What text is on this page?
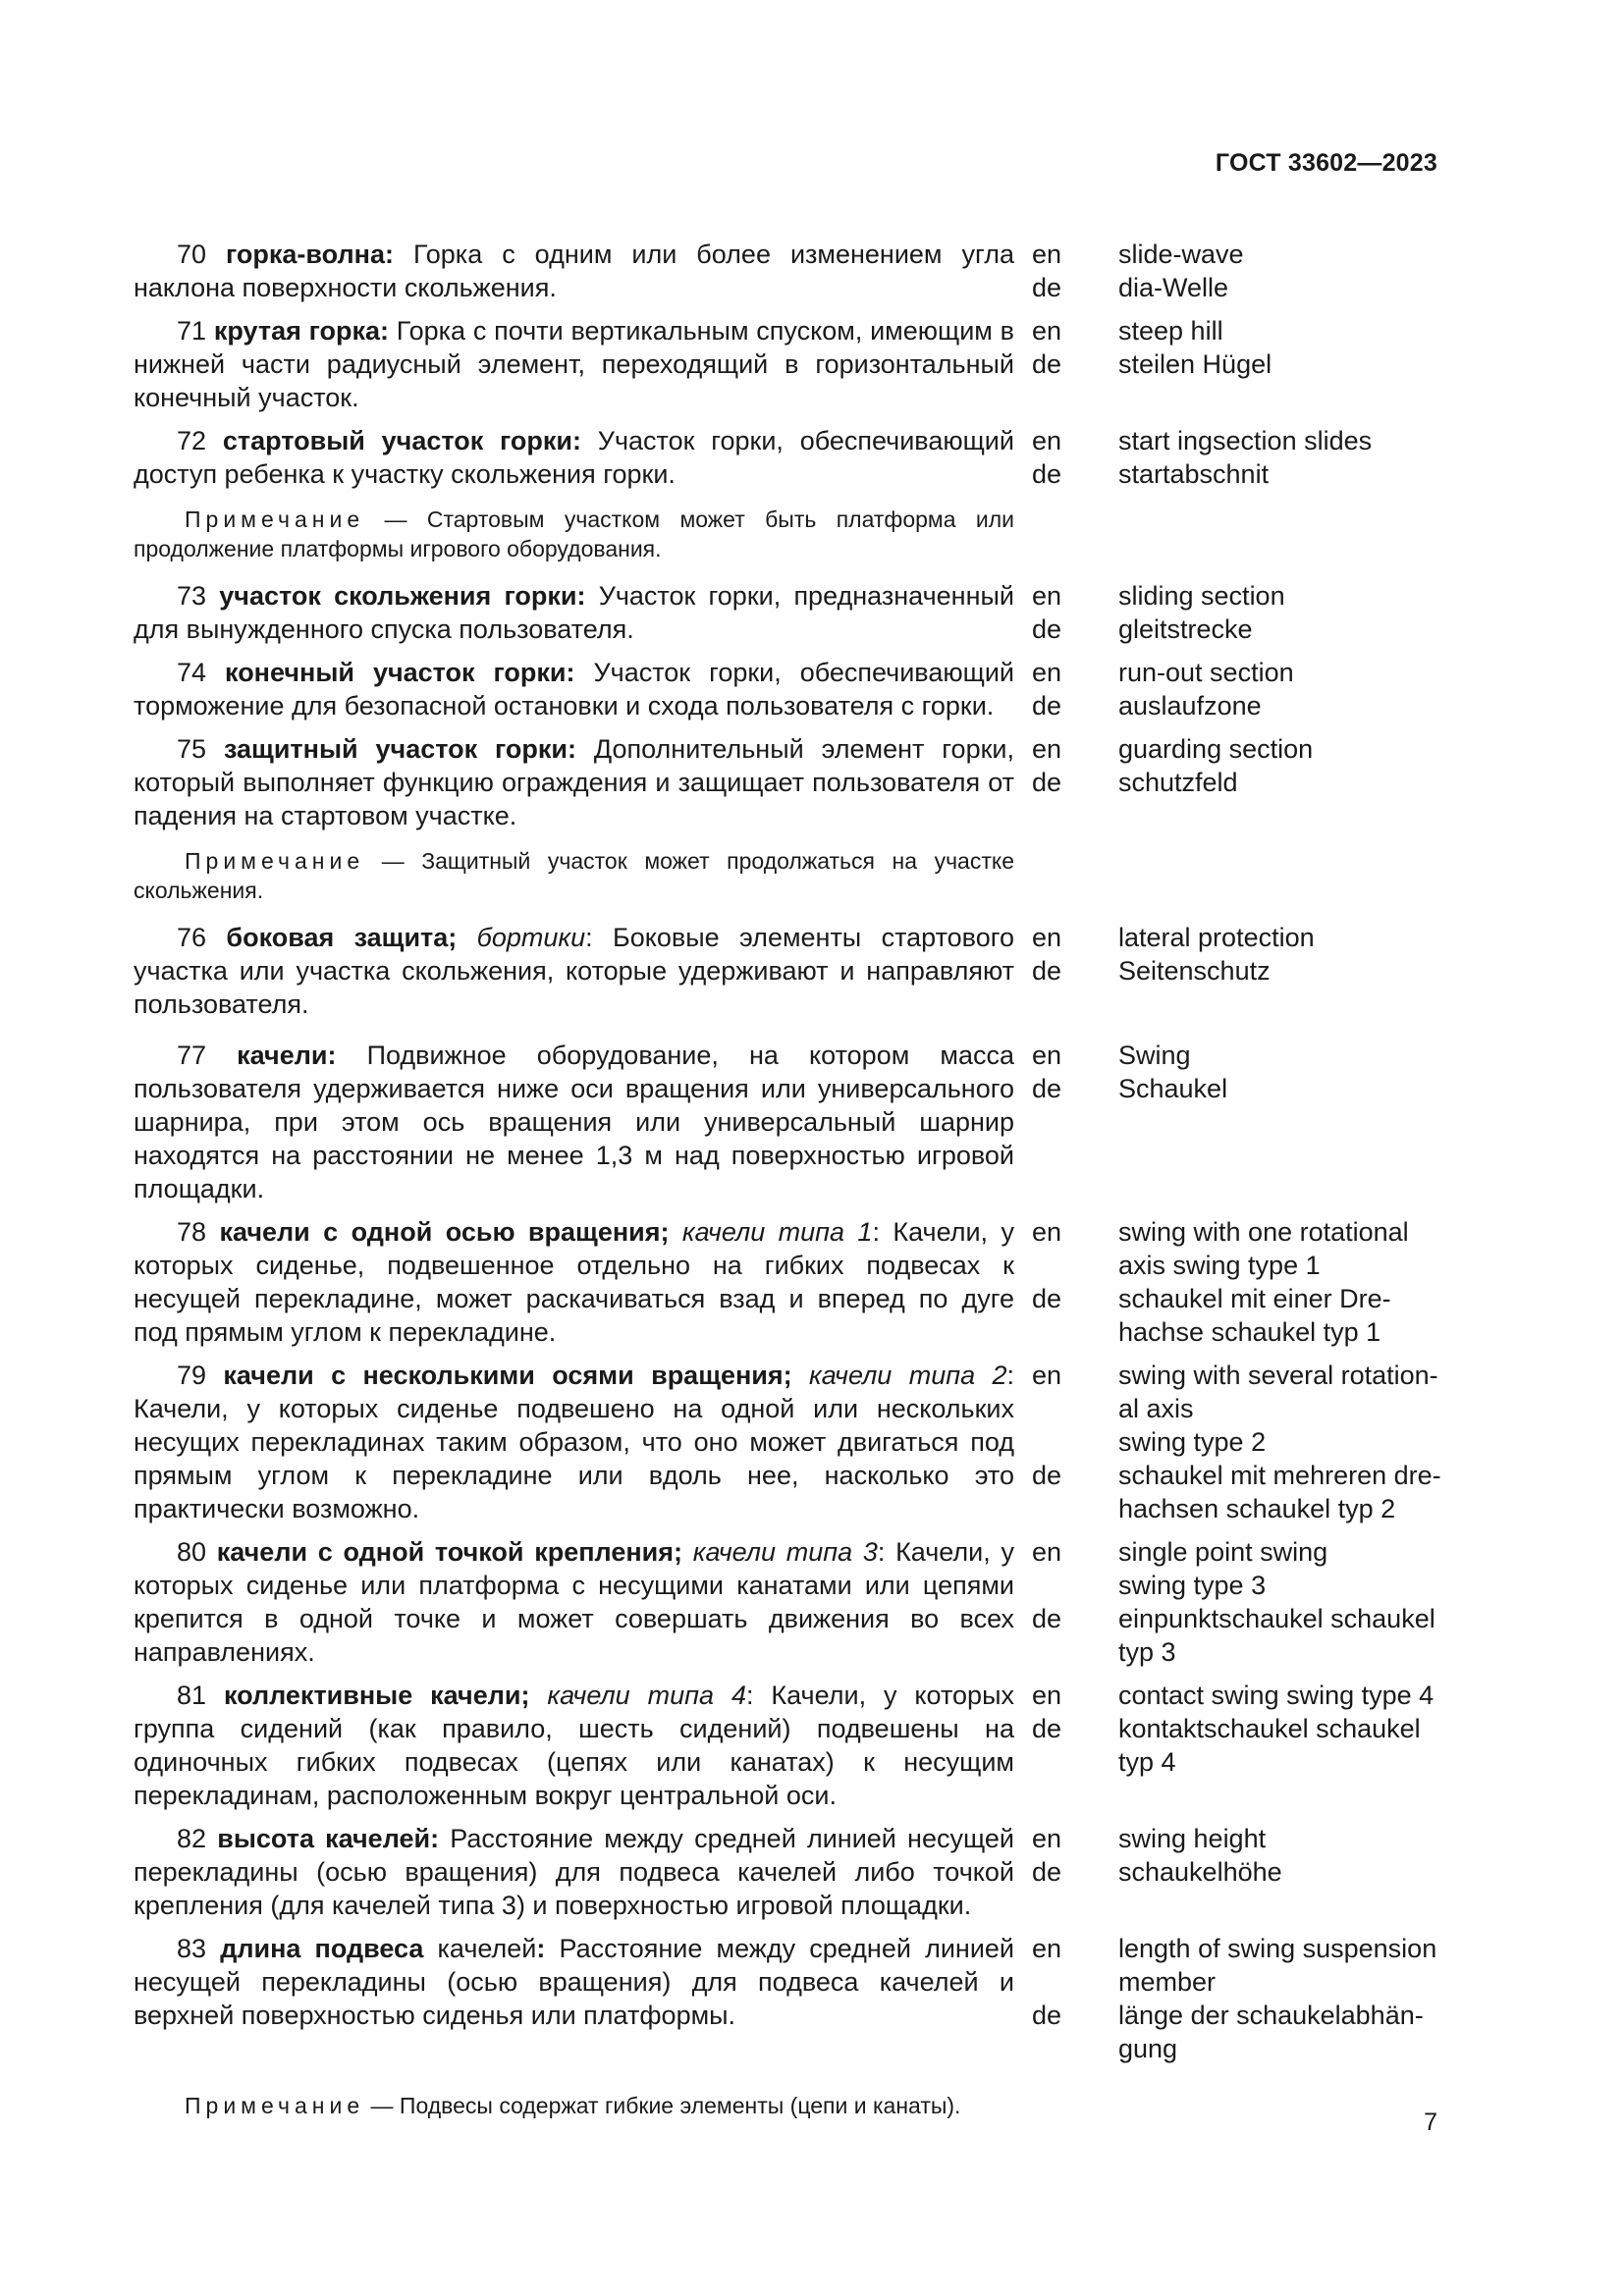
ГОСТ 33602—2023
70 горка-волна: Горка с одним или более изменением угла наклона поверхности скольжения.
en slide-wave
de dia-Welle
71 крутая горка: Горка с почти вертикальным спуском, имеющим в нижней части радиусный элемент, переходящий в горизонтальный конечный участок.
en steep hill
de steilen Hügel
72 стартовый участок горки: Участок горки, обеспечивающий доступ ребенка к участку скольжения горки.
en start ingsection slides
de startabschnit
Примечание — Стартовым участком может быть платформа или продолжение платформы игрового оборудования.
73 участок скольжения горки: Участок горки, предназначенный для вынужденного спуска пользователя.
en sliding section
de gleitstrecke
74 конечный участок горки: Участок горки, обеспечивающий торможение для безопасной остановки и схода пользователя с горки.
en run-out section
de auslaufzone
75 защитный участок горки: Дополнительный элемент горки, который выполняет функцию ограждения и защищает пользователя от падения на стартовом участке.
en guarding section
de schutzfeld
Примечание — Защитный участок может продолжаться на участке скольжения.
76 боковая защита; бортики: Боковые элементы стартового участка или участка скольжения, которые удерживают и направляют пользователя.
en lateral protection
de Seitenschutz
77 качели: Подвижное оборудование, на котором масса пользователя удерживается ниже оси вращения или универсального шарнира, при этом ось вращения или универсальный шарнир находятся на расстоянии не менее 1,3 м над поверхностью игровой площадки.
en Swing
de Schaukel
78 качели с одной осью вращения; качели типа 1: Качели, у которых сиденье, подвешенное отдельно на гибких подвесах к несущей перекладине, может раскачиваться взад и вперед по дуге под прямым углом к перекладине.
en swing with one rotational
axis swing type 1
de schaukel mit einer Dre-
hachse schaukel typ 1
79 качели с несколькими осями вращения; качели типа 2: Качели, у которых сиденье подвешено на одной или нескольких несущих перекладинах таким образом, что оно может двигаться под прямым углом к перекладине или вдоль нее, насколько это практически возможно.
en swing with several rotation-
al axis
swing type 2
de schaukel mit mehreren dre-
hachsen schaukel typ 2
80 качели с одной точкой крепления; качели типа 3: Качели, у которых сиденье или платформа с несущими канатами или цепями крепится в одной точке и может совершать движения во всех направлениях.
en single point swing
swing type 3
de einpunktschaukel schaukel
typ 3
81 коллективные качели; качели типа 4: Качели, у которых группа сидений (как правило, шесть сидений) подвешены на одиночных гибких подвесах (цепях или канатах) к несущим перекладинам, расположенным вокруг центральной оси.
en contact swing swing type 4
de kontaktschaukel schaukel
typ 4
82 высота качелей: Расстояние между средней линией несущей перекладины (осью вращения) для подвеса качелей либо точкой крепления (для качелей типа 3) и поверхностью игровой площадки.
en swing height
de schaukelhöhe
83 длина подвеса качелей: Расстояние между средней линией несущей перекладины (осью вращения) для подвеса качелей и верхней поверхностью сиденья или платформы.
en length of swing suspension
member
de länge der schaukelabhän-
gung
Примечание — Подвесы содержат гибкие элементы (цепи и канаты).
7
